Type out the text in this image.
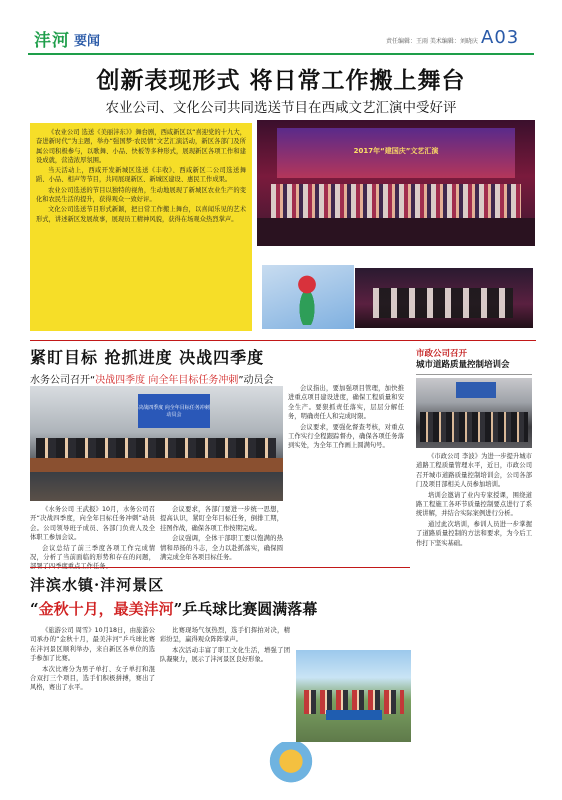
沣河 要闻	责任编辑：王雨 美术编辑：刘晓庆 A03
创新表现形式 将日常工作搬上舞台
农业公司、文化公司共同选送节目在西咸文艺汇演中受好评

《农业公司 选送《美丽沣东》》舞台剧，西咸新区以“喜迎党的十九大，奋进新时代”为主题，举办“强国梦·农民情”文艺汇演活动，新区各部门及所属公司积极参与，以歌舞、小品、快板等多种形式，展现新区各项工作和建设成就，营造浓厚氛围。

当天活动上，西咸开发新城区选送《丰收》、西咸新区二公司选送舞蹈、小品、相声等节目，共同展现新区、新城区建设、惠民工作成果。

农业公司选送的节目以独特的视角，生动地展现了新城区农业生产的变化和农民生活的提升，获得观众一致好评。

文化公司选送节目形式新颖，把日常工作搬上舞台，以喜闻乐见的艺术形式，讲述新区发展故事，展现员工精神风貌，获得在场观众热烈掌声。

2017年“建国庆”文艺汇演
紧盯目标 抢抓进度 决战四季度
水务公司召开“决战四季度 向全年目标任务冲刺”动员会
决战四季度 向全年目标任务冲刺动员会

会议指出，要加强项目管理，加快推进重点项目建设进度，确保工程质量和安全生产。要狠抓责任落实，层层分解任务，明确责任人和完成时限。

会议要求，要强化督查考核，对重点工作实行全程跟踪督办，确保各项任务落到实处，为全年工作画上圆满句号。

《水务公司 王武报》10月，水务公司召开“决战四季度，向全年目标任务冲刺”动员会。公司领导班子成员、各部门负责人及全体职工参加会议。

会议总结了前三季度各项工作完成情况，分析了当前面临的形势和存在的问题，

会议要求，各部门要进一步统一思想，提高认识，紧盯全年目标任务，倒排工期，挂图作战，确保各项工作按期完成。

会议强调，全体干部职工要以饱满的热情和昂扬的斗志，全力以赴抓落实，确保圆满完成全年各项目标任务。

市政公司召开
城市道路质量控制培训会

《市政公司 李波》为进一步提升城市道路工程质量管理水平，近日，市政公司召开城市道路质量控制培训会，公司各部门及项目部相关人员参加培训。

培训会邀请了业内专家授课，围绕道路工程施工各环节质量控制要点进行了系统讲解，并结合实际案例进行分析。

通过此次培训，参训人员进一步掌握了道路质量控制的方法和要求，为今后工作打下坚实基础。

沣滨水镇·沣河景区
“金秋十月，最美沣河”乒乓球比赛圆满落幕

《旅游公司 周雪》10月18日，由旅游公司承办的“金秋十月，最美沣河”乒乓球比赛在沣河景区顺利举办，来自新区各单位的选手参加了比赛。

本次比赛分为男子单打、女子单打和混合双打三个项目，选手们积极拼搏，赛出了风格，赛出了水平。

比赛现场气氛热烈，选手们挥拍对决，精彩纷呈，赢得观众阵阵掌声。

本次活动丰富了职工文化生活，增强了团队凝聚力，展示了沣河景区良好形象。
